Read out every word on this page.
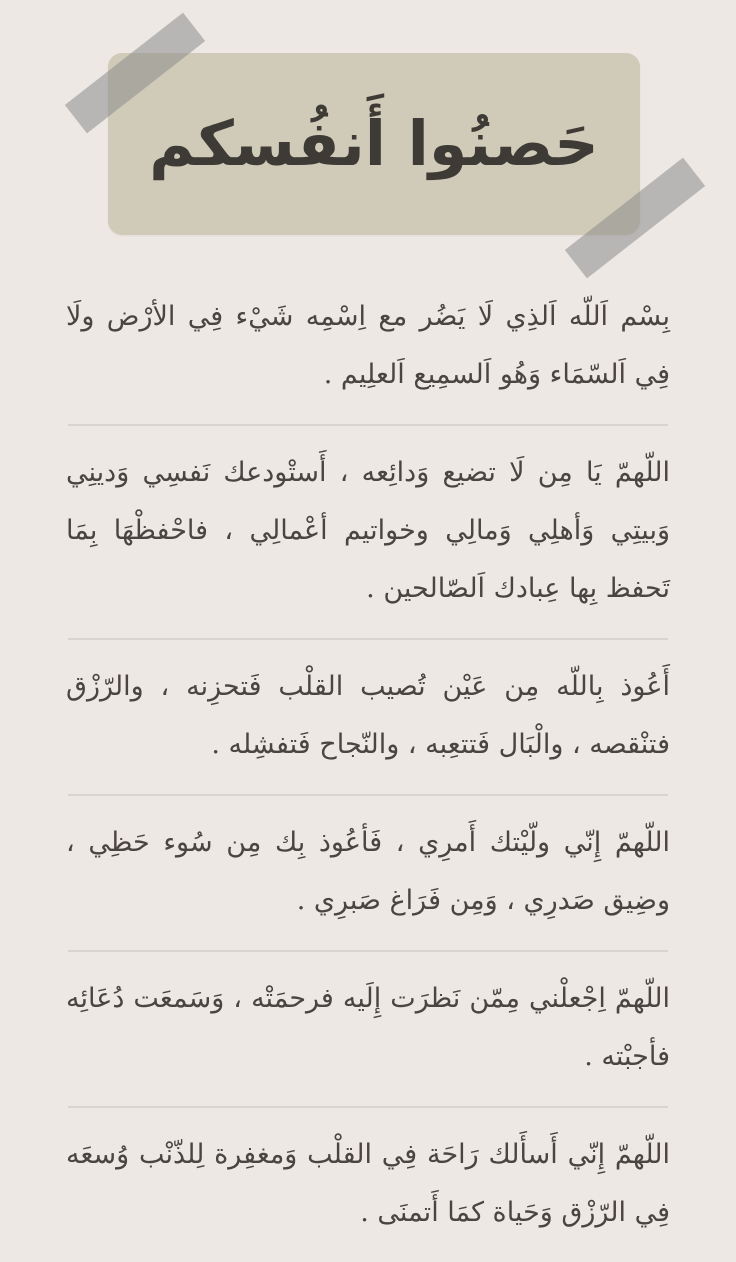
حَصنُوا أَنفُسكم
بِسْم اَللّه اَلذِي لَا يَضُر مع اِسْمِه شَيْء فِي الأرْض ولَا فِي اَلسّمَاء وَهُو اَلسمِيع اَلعلِيم .
اللّهمّ يَا مِن لَا تضيع وَدائِعه ، أَستْودعك نَفسِي وَدينِي وَبيتِي وَأهلِي وَمالِي وخواتيم أعْمالِي ، فاحْفظْهَا بِمَا تَحفظ بِها عِبادك اَلصّالحين .
أَعُوذ بِاللّه مِن عَيْن تُصيب القلْب فَتحزِنه ، والرّزْق فتنْقصه ، والْبَال فَتتعِبه ، والنّجاح فَتفشِله .
اللّهمّ إِنّي ولّيْتك أَمرِي ، فَأعُوذ بِك مِن سُوء حَظِي ، وضِيق صَدرِي ، وَمِن فَرَاغ صَبرِي .
اللّهمّ اِجْعلْني مِمّن نَظرَت إِلَيه فرحمَتْه ، وَسَمعَت دُعَائِه فأجبْته .
اللّهمّ إِنّي أَسأَلك رَاحَة فِي القلْب وَمغفِرة لِلذّنْب وُسعَه فِي الرّزْق وَحَياة كمَا أَتمنَى .
